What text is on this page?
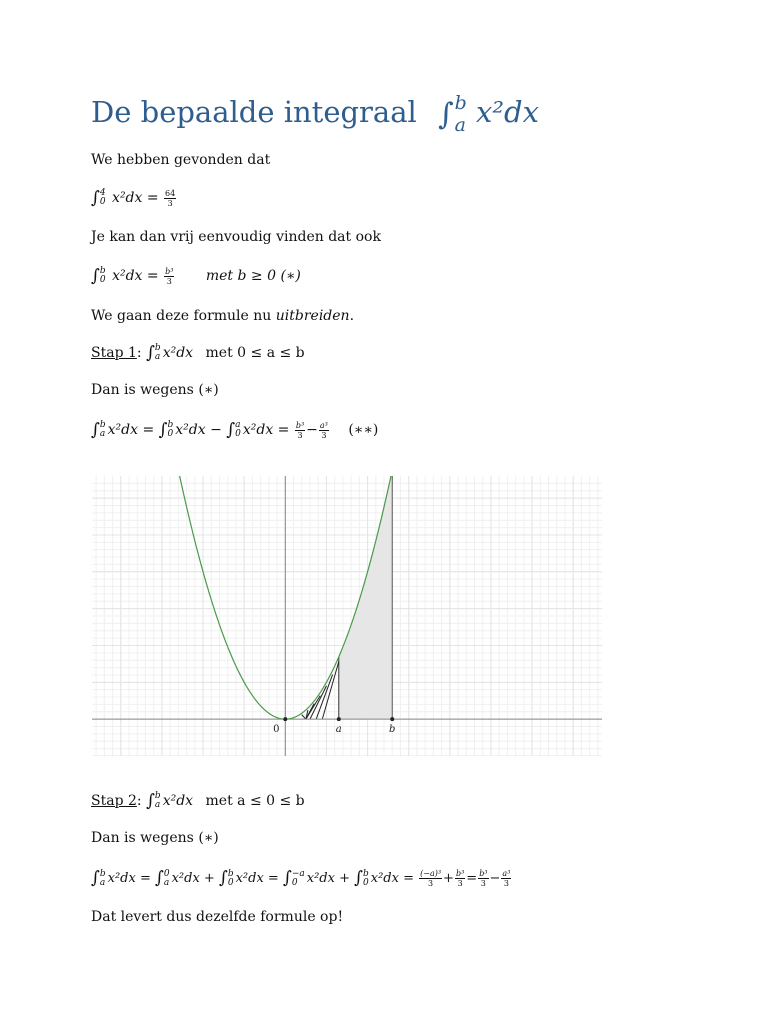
De bepaalde integraal ∫ b
a x²dx
We hebben gevonden dat
∫ 4
0 $x^2dx = \frac{64}{3}$
Je kan dan vrij eenvoudig vinden dat ook
∫ b
0 $x^2dx = \frac{\text{b³}}{3}$ met b ≥ 0 (∗)
We gaan deze formule nu uitbreiden.
Stap 1: ∫ b
a x²dx met 0 ≤ a ≤ b
Dan is wegens (∗)
∫ b
a x²dx = ∫ b
0 x²dx − ∫ a
0 $x^2dx = \frac{\text{b³}}{3} - \frac{\text{a³}}{3}$ (∗∗)
0	a	b
Stap 2: ∫ b
a x²dx met a ≤ 0 ≤ b
Dan is wegens (∗)
∫ b
a x²dx = ∫ 0
a x²dx + ∫ b
0 x²dx = ∫ −a
0 x²dx + ∫ b
0 $x^2dx = \frac{\text{(−a)³}}{3} + \frac{\text{b³}}{3} = \frac{\text{b³}}{3} - \frac{\text{a³}}{3}$
Dat levert dus dezelfde formule op!
